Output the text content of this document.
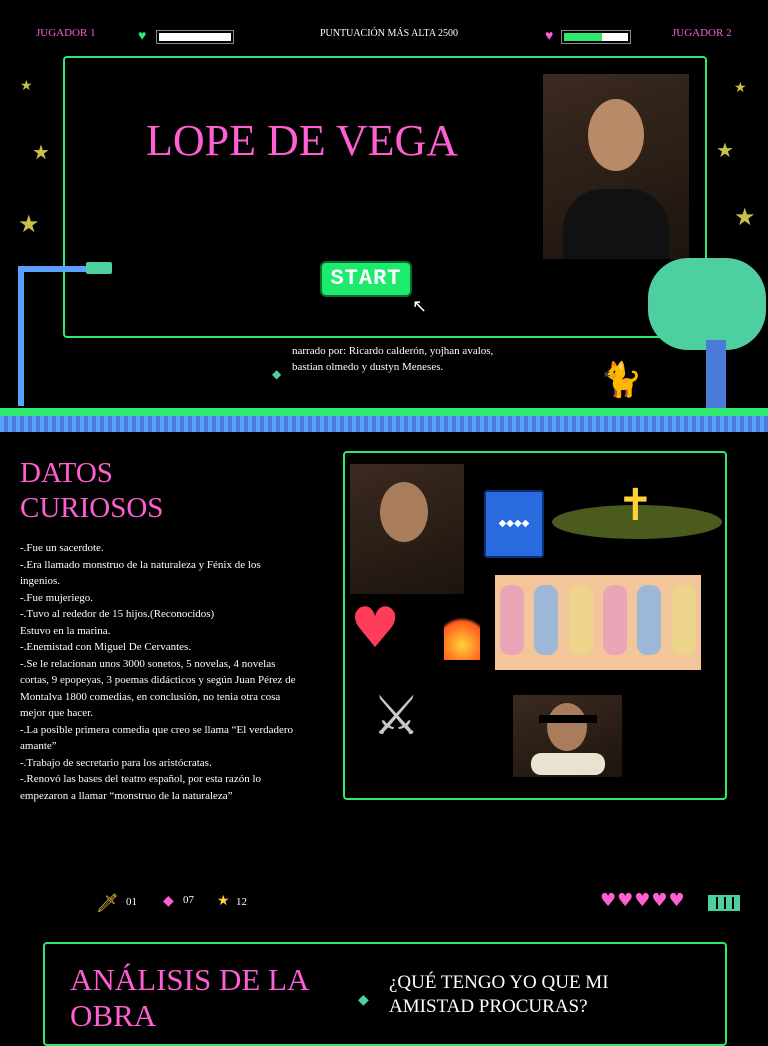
JUGADOR 1	♥	PUNTUACIÓN MÁS ALTA 2500	♥	JUGADOR 2
★
★
★
★
★
★
LOPE DE VEGA
START
↖
◆
narrado por: Ricardo calderón, yojhan avalos,
bastian olmedo y dustyn Meneses.	🐈
DATOS
CURIOSOS
-.Fue un sacerdote.
-.Era llamado monstruo de la naturaleza y Fénix de los
ingenios.
-.Fue mujeriego.
-.Tuvo al rededor de 15 hijos.(Reconocidos)
Estuvo en la marina.
-.Enemistad con Miguel De Cervantes.
-.Se le relacionan unos 3000 sonetos, 5 novelas, 4 novelas
cortas, 9 epopeyas, 3 poemas didácticos y según Juan Pérez de
Montalva 1800 comedias, en conclusión, no tenia otra cosa
mejor que hacer.
-.La posible primera comedia que creo se llama “El verdadero
amante”
-.Trabajo de secretario para los aristócratas.
-.Renovó las bases del teatro español, por esta razón lo
empezaron a llamar “monstruo de la naturaleza”
◆◆◆◆	✝
♥
⚔
🗡 01 ◆ 07 ★ 12	♥♥♥♥♥
ANÁLISIS DE LA
OBRA	◆
¿QUÉ TENGO YO QUE MI
AMISTAD PROCURAS?
